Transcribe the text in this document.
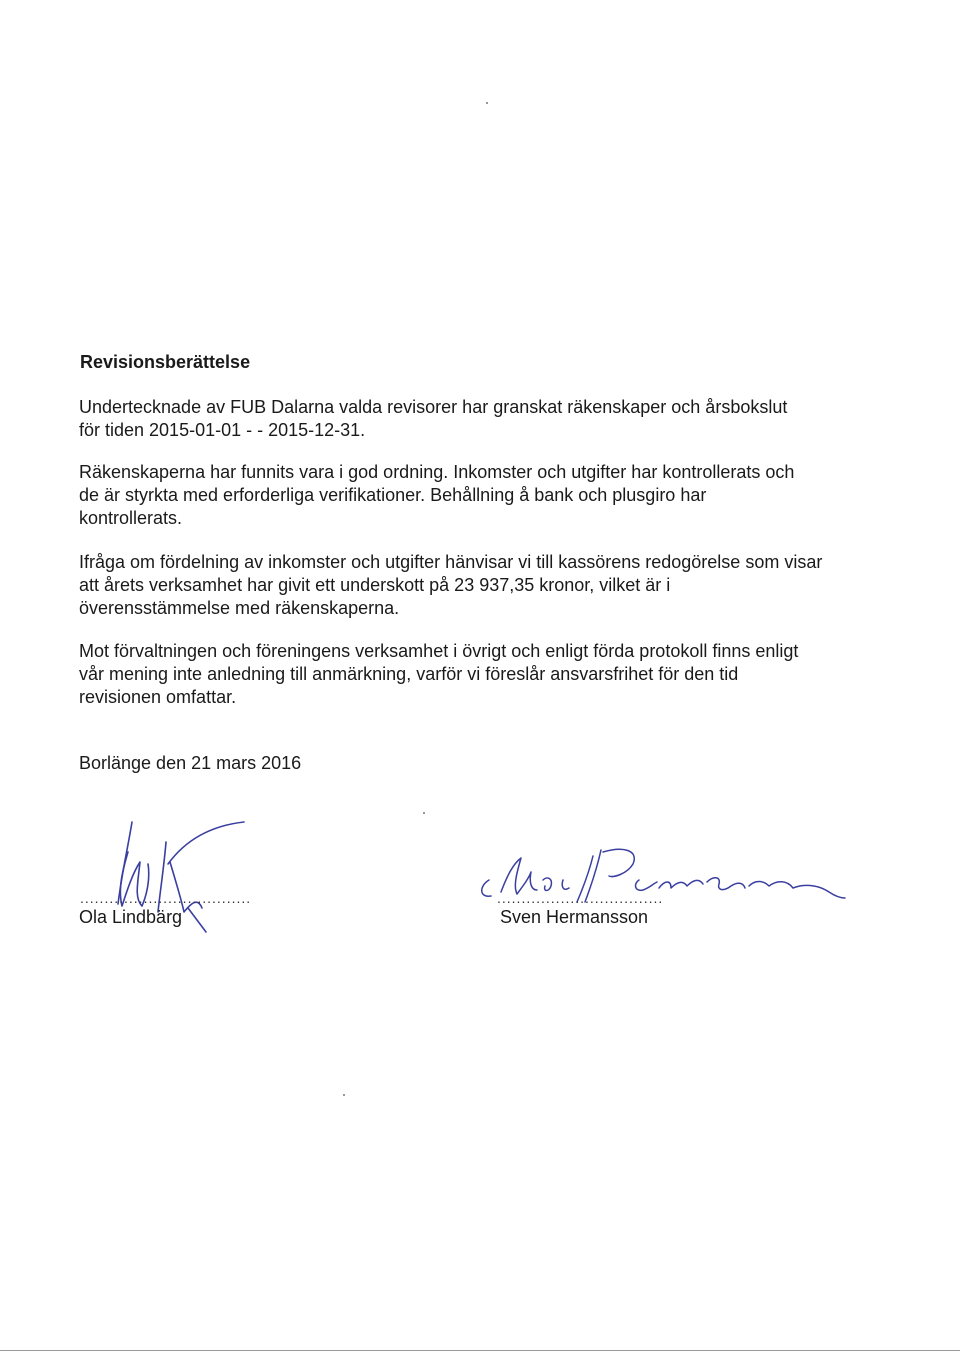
Revisionsberättelse

Undertecknade av FUB Dalarna valda revisorer har granskat räkenskaper och årsbokslut för tiden 2015-01-01 - - 2015-12-31.

Räkenskaperna har funnits vara i god ordning. Inkomster och utgifter har kontrollerats och de är styrkta med erforderliga verifikationer. Behållning å bank och plusgiro har kontrollerats.

Ifråga om fördelning av inkomster och utgifter hänvisar vi till kassörens redogörelse som visar att årets verksamhet har givit ett underskott på 23 937,35 kronor, vilket är i överensstämmelse med räkenskaperna.

Mot förvaltningen och föreningens verksamhet i övrigt och enligt förda protokoll finns enligt vår mening inte anledning till anmärkning, varför vi föreslår ansvarsfrihet för den tid revisionen omfattar.

Borlänge den 21 mars 2016

...................................	..................................

Ola Lindbärg	Sven Hermansson
